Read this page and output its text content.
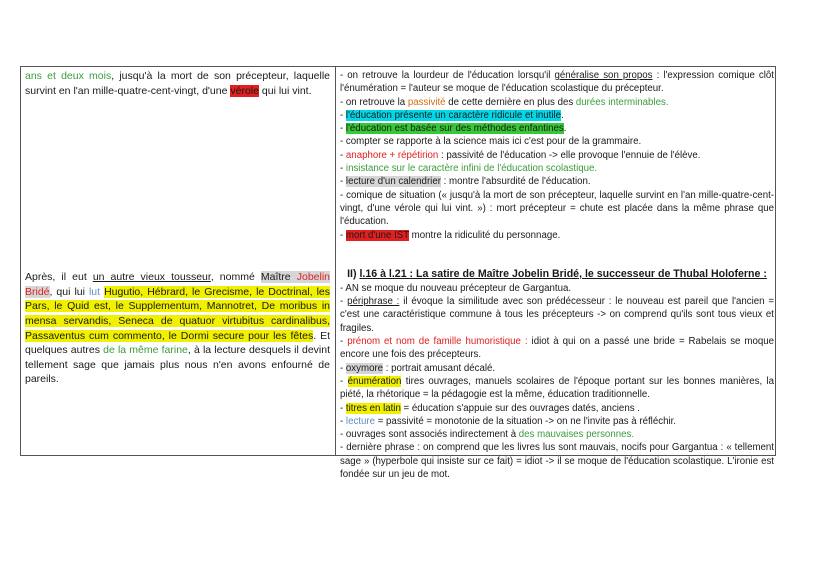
ans et deux mois, jusqu'à la mort de son précepteur, laquelle survint en l'an mille-quatre-cent-vingt, d'une vérole qui lui vint.

Après, il eut un autre vieux tousseur, nommé Maître Jobelin Bridé, qui lui lut Hugutio, Hébrard, le Grecisme, le Doctrinal, les Pars, le Quid est, le Supplementum, Mannotret, De moribus in mensa servandis, Seneca de quatuor virtubitus cardinalibus, Passaventus cum commento, le Dormi secure pour les fêtes. Et quelques autres de la même farine, à la lecture desquels il devint tellement sage que jamais plus nous n'en avons enfourné de pareils.

- on retrouve la lourdeur de l'éducation lorsqu'il généralise son propos : l'expression comique clôt l'énumération = l'auteur se moque de l'éducation scolastique du précepteur.

- on retrouve la passivité de cette dernière en plus des durées interminables.

- l'éducation présente un caractère ridicule et inutile.

- l'éducation est basée sur des méthodes enfantines.

- compter se rapporte à la science mais ici c'est pour de la grammaire.

- anaphore + répétirion : passivité de l'éducation -> elle provoque l'ennuie de l'élève.

- insistance sur le caractère infini de l'éducation scolastique.

- lecture d'un calendrier : montre l'absurdité de l'éducation.

- comique de situation (« jusqu'à la mort de son précepteur, laquelle survint en l'an mille-quatre-cent-vingt, d'une vérole qui lui vint. ») : mort précepteur = chute est placée dans la même phrase que l'éducation.

- mort d'une IST montre la ridiculité du personnage.

II) l.16 à l.21 : La satire de Maître Jobelin Bridé, le successeur de Thubal Holoferne :

- AN se moque du nouveau précepteur de Gargantua.

- périphrase : il évoque la similitude avec son prédécesseur : le nouveau est pareil que l'ancien = c'est une caractéristique commune à tous les précepteurs -> on comprend qu'ils sont tous vieux et fragiles.

- prénom et nom de famille humoristique : idiot à qui on a passé une bride = Rabelais se moque encore une fois des précepteurs.

- oxymore : portrait amusant décalé.

- énumération tires ouvrages, manuels scolaires de l'époque portant sur les bonnes manières, la piété, la rhétorique = la pédagogie est la même, éducation traditionnelle.

- titres en latin = éducation s'appuie sur des ouvrages datés, anciens .

- lecture = passivité = monotonie de la situation -> on ne l'invite pas à réfléchir.

- ouvrages sont associés indirectement à des mauvaises personnes.

- dernière phrase : on comprend que les livres lus sont mauvais, nocifs pour Gargantua : « tellement sage » (hyperbole qui insiste sur ce fait) = idiot -> il se moque de l'éducation scolastique. L'ironie est fondée sur un jeu de mot.
